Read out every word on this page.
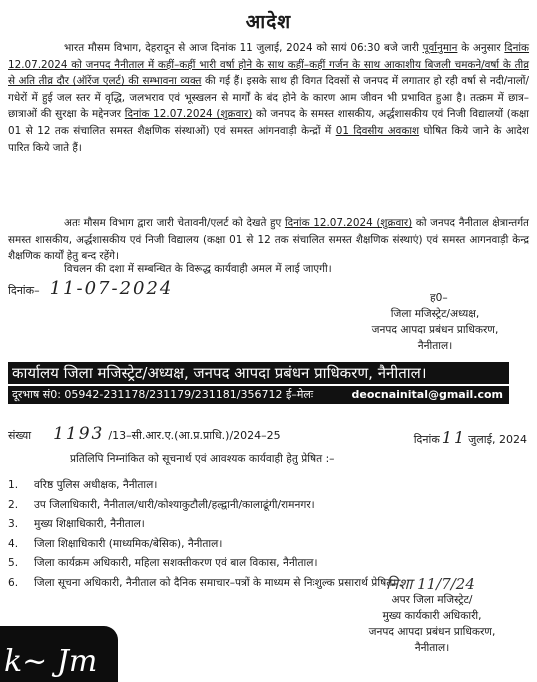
आदेश
भारत मौसम विभाग, देहरादून से आज दिनांक 11 जुलाई, 2024 को सायं 06:30 बजे जारी पूर्वानुमान के अनुसार दिनांक 12.07.2024 को जनपद नैनीताल में कहीं–कहीं भारी वर्षा होने के साथ कहीं–कहीं गर्जन के साथ आकाशीय बिजली चमकने/वर्षा के तीव्र से अति तीव्र दौर (ऑरेंज एलर्ट) की सम्भावना व्यक्त की गई हैं। इसके साथ ही विगत दिवसों से जनपद में लगातार हो रही वर्षा से नदी/नालों/गधेरों में हुई जल स्तर में वृद्धि, जलभराव एवं भूस्खलन से मार्गों के बंद होने के कारण आम जीवन भी प्रभावित हुआ है। तत्क्रम में छात्र–छात्राओं की सुरक्षा के मद्देनजर दिनांक 12.07.2024 (शुक्रवार) को जनपद के समस्त शासकीय, अर्द्धशासकीय एवं निजी विद्यालयों (कक्षा 01 से 12 तक संचालित समस्त शैक्षणिक संस्थाओं) एवं समस्त आंगनवाड़ी केन्द्रों में 01 दिवसीय अवकाश घोषित किये जाने के आदेश पारित किये जाते हैं।
अतः मौसम विभाग द्वारा जारी चेतावनी/एलर्ट को देखते हुए दिनांक 12.07.2024 (शुक्रवार) को जनपद नैनीताल क्षेत्रान्तर्गत समस्त शासकीय, अर्द्धशासकीय एवं निजी विद्यालय (कक्षा 01 से 12 तक संचालित समस्त शैक्षणिक संस्थाएं) एवं समस्त आगनवाड़ी केन्द्र शैक्षणिक कार्यों हेतु बन्द रहेंगे।
विचलन की दशा में सम्बन्धित के विरूद्ध कार्यवाही अमल में लाई जाएगी।
दिनांक– 11-07-2024	ह0–
जिला मजिस्ट्रेट/अध्यक्ष,
जनपद आपदा प्रबंधन प्राधिकरण,
नैनीताल।
कार्यालय जिला मजिस्ट्रेट/अध्यक्ष, जनपद आपदा प्रबंधन प्राधिकरण, नैनीताल।
दूरभाष सं0: 05942-231178/231179/231181/356712 ई–मेलः	deocnainital@gmail.com
संख्या 1193 /13–सी.आर.ए.(आ.प्र.प्राधि.)/2024–25	दिनांक 11 जुलाई, 2024
प्रतिलिपि निम्नांकित को सूचनार्थ एवं आवश्यक कार्यवाही हेतु प्रेषित :–
1.	वरिष्ठ पुलिस अधीक्षक, नैनीताल।
2.	उप जिलाधिकारी, नैनीताल/धारी/कोश्याकुटौली/हल्द्वानी/कालाढूंगी/रामनगर।
3.	मुख्य शिक्षाधिकारी, नैनीताल।
4.	जिला शिक्षाधिकारी (माध्यमिक/बेसिक), नैनीताल।
5.	जिला कार्यक्रम अधिकारी, महिला सशक्तीकरण एवं बाल विकास, नैनीताल।
6.	जिला सूचना अधिकारी, नैनीताल को दैनिक समाचार–पत्रों के माध्यम से निःशुल्क प्रसारार्थ प्रेषित।
निशा 11/7/24
अपर जिला मजिस्ट्रेट/
मुख्य कार्यकारी अधिकारी,
जनपद आपदा प्रबंधन प्राधिकरण,
नैनीताल।
k~ Jm
